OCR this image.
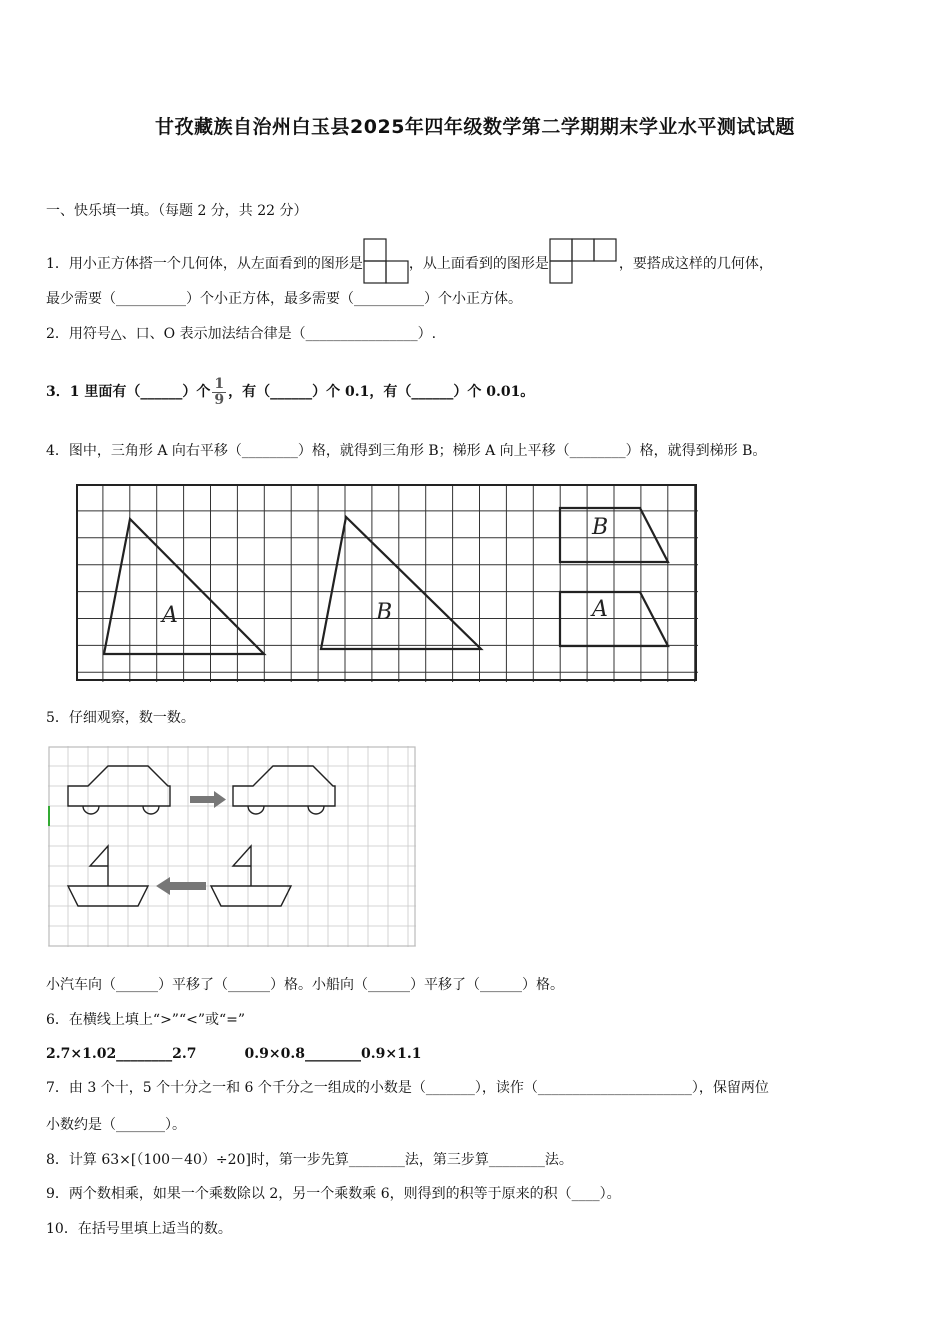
甘孜藏族自治州白玉县2025年四年级数学第二学期期末学业水平测试试题
一、快乐填一填。（每题 2 分，共 22 分）
1．用小正方体搭一个几何体，从左面看到的图形是	，从上面看到的图形是	，要搭成这样的几何体，
最少需要（__________）个小正方体，最多需要（__________）个小正方体。
2．用符号△、口、O 表示加法结合律是（________________）.
3．1 里面有（______）个 $\frac{1}{9}$ ，有（______）个 0.1，有（______）个 0.01。
4．图中，三角形 A 向右平移（________）格，就得到三角形 B；梯形 A 向上平移（________）格，就得到梯形 B。
A	B
B
A
5．仔细观察，数一数。
小汽车向（______）平移了（______）格。小船向（______）平移了（______）格。
6．在横线上填上“>”“<”或“=”
2.7×1.02________2.7	0.9×0.8________0.9×1.1
7．由 3 个十，5 个十分之一和 6 个千分之一组成的小数是（_______），读作（______________________），保留两位
小数约是（_______）。
8．计算 63×[（100－40）÷20]时，第一步先算________法，第三步算________法。
9．两个数相乘，如果一个乘数除以 2，另一个乘数乘 6，则得到的积等于原来的积（____）。
10．在括号里填上适当的数。
